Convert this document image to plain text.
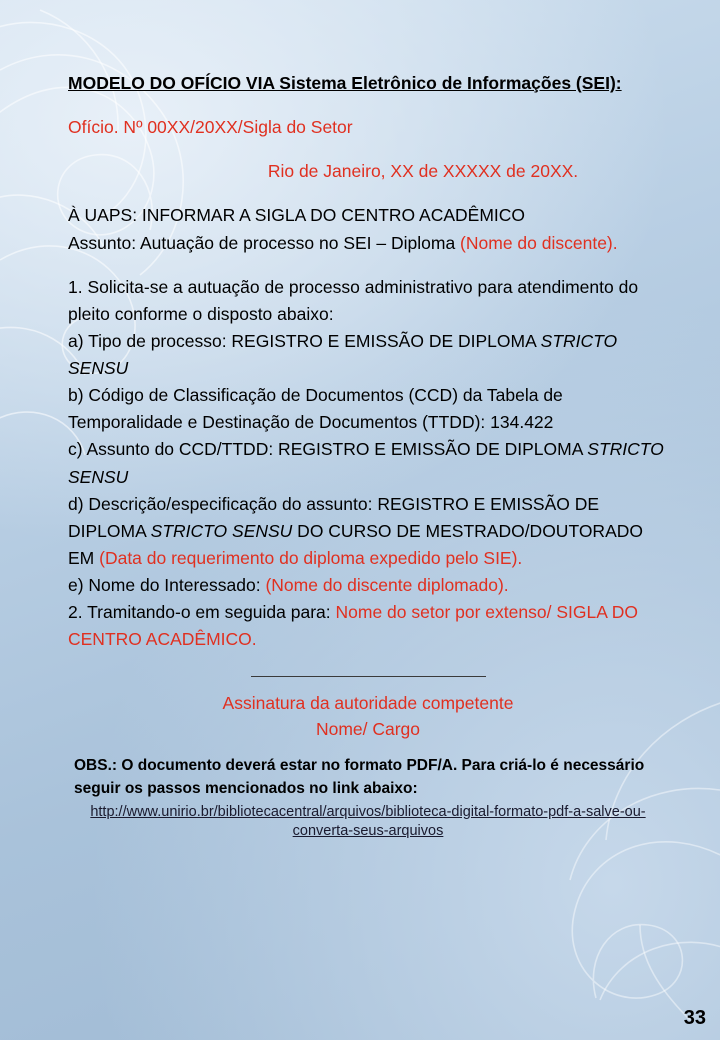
MODELO DO OFÍCIO VIA Sistema Eletrônico de Informações (SEI):
Ofício. Nº 00XX/20XX/Sigla do Setor
Rio de Janeiro, XX de XXXXX de 20XX.
À UAPS: INFORMAR A SIGLA DO CENTRO ACADÊMICO
Assunto: Autuação de processo no SEI – Diploma (Nome do discente).
1. Solicita-se a autuação de processo administrativo para atendimento do pleito conforme o disposto abaixo:
a) Tipo de processo: REGISTRO E EMISSÃO DE DIPLOMA STRICTO SENSU
b) Código de Classificação de Documentos (CCD) da Tabela de Temporalidade e Destinação de Documentos (TTDD): 134.422
c) Assunto do CCD/TTDD: REGISTRO E EMISSÃO DE DIPLOMA STRICTO SENSU
d) Descrição/especificação do assunto: REGISTRO E EMISSÃO DE DIPLOMA STRICTO SENSU DO CURSO DE MESTRADO/DOUTORADO EM (Data do requerimento do diploma expedido pelo SIE).
e) Nome do Interessado: (Nome do discente diplomado).
2. Tramitando-o em seguida para: Nome do setor por extenso/ SIGLA DO CENTRO ACADÊMICO.
Assinatura da autoridade competente
Nome/ Cargo
OBS.: O documento deverá estar no formato PDF/A. Para criá-lo é necessário seguir os passos mencionados no link abaixo:
http://www.unirio.br/bibliotecacentral/arquivos/biblioteca-digital-formato-pdf-a-salve-ou-converta-seus-arquivos
33
